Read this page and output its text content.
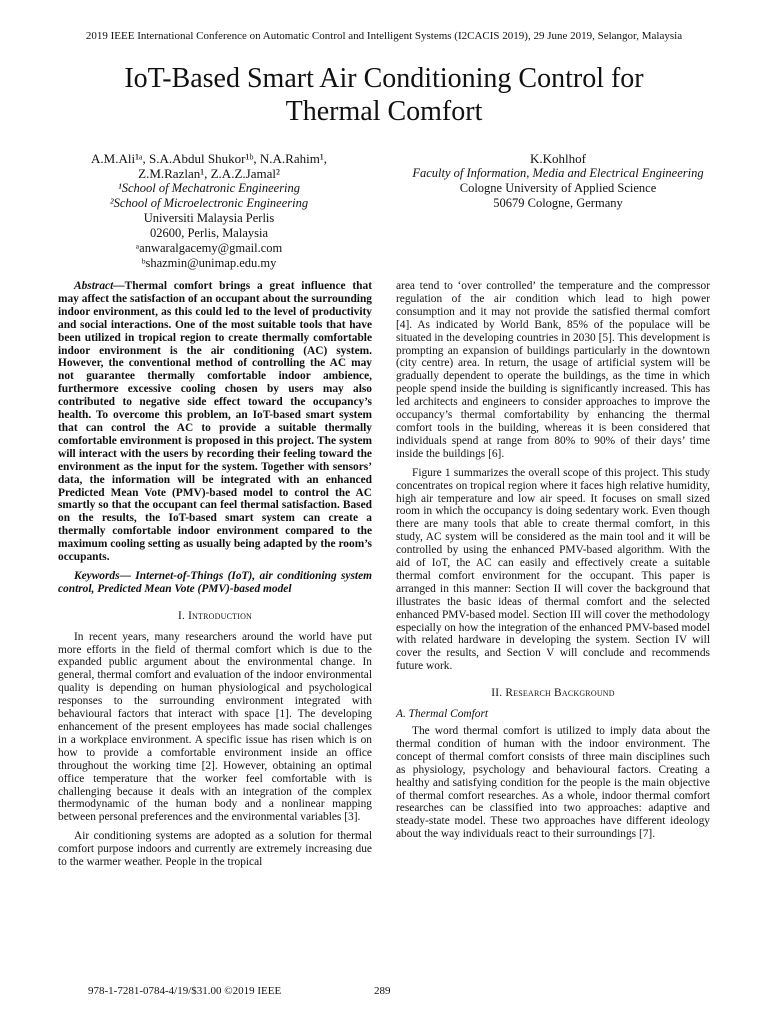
2019 IEEE International Conference on Automatic Control and Intelligent Systems (I2CACIS 2019), 29 June 2019, Selangor, Malaysia
IoT-Based Smart Air Conditioning Control for
Thermal Comfort
A.M.Ali¹ᵃ, S.A.Abdul Shukor¹ᵇ, N.A.Rahim¹,
Z.M.Razlan¹, Z.A.Z.Jamal²
¹School of Mechatronic Engineering
²School of Microelectronic Engineering
Universiti Malaysia Perlis
02600, Perlis, Malaysia
ᵃanwaralgacemy@gmail.com
ᵇshazmin@unimap.edu.my
K.Kohlhof
Faculty of Information, Media and Electrical Engineering
Cologne University of Applied Science
50679 Cologne, Germany

Abstract—Thermal comfort brings a great influence that may affect the satisfaction of an occupant about the surrounding indoor environment, as this could led to the level of productivity and social interactions. One of the most suitable tools that have been utilized in tropical region to create thermally comfortable indoor environment is the air conditioning (AC) system. However, the conventional method of controlling the AC may not guarantee thermally comfortable indoor ambience, furthermore excessive cooling chosen by users may also contributed to negative side effect toward the occupancy’s health. To overcome this problem, an IoT-based smart system that can control the AC to provide a suitable thermally comfortable environment is proposed in this project. The system will interact with the users by recording their feeling toward the environment as the input for the system. Together with sensors’ data, the information will be integrated with an enhanced Predicted Mean Vote (PMV)-based model to control the AC smartly so that the occupant can feel thermal satisfaction. Based on the results, the IoT-based smart system can create a thermally comfortable indoor environment compared to the maximum cooling setting as usually being adapted by the room’s occupants.

Keywords— Internet-of-Things (IoT), air conditioning system control, Predicted Mean Vote (PMV)-based model

I. Introduction

In recent years, many researchers around the world have put more efforts in the field of thermal comfort which is due to the expanded public argument about the environmental change. In general, thermal comfort and evaluation of the indoor environmental quality is depending on human physiological and psychological responses to the surrounding environment integrated with behavioural factors that interact with space [1]. The developing enhancement of the present employees has made social challenges in a workplace environment. A specific issue has risen which is on how to provide a comfortable environment inside an office throughout the working time [2]. However, obtaining an optimal office temperature that the worker feel comfortable with is challenging because it deals with an integration of the complex thermodynamic of the human body and a nonlinear mapping between personal preferences and the environmental variables [3].

Air conditioning systems are adopted as a solution for thermal comfort purpose indoors and currently are extremely increasing due to the warmer weather. People in the tropical

area tend to ‘over controlled’ the temperature and the compressor regulation of the air condition which lead to high power consumption and it may not provide the satisfied thermal comfort [4]. As indicated by World Bank, 85% of the populace will be situated in the developing countries in 2030 [5]. This development is prompting an expansion of buildings particularly in the downtown (city centre) area. In return, the usage of artificial system will be gradually dependent to operate the buildings, as the time in which people spend inside the building is significantly increased. This has led architects and engineers to consider approaches to improve the occupancy’s thermal comfortability by enhancing the thermal comfort tools in the building, whereas it is been considered that individuals spend at range from 80% to 90% of their days’ time inside the buildings [6].

Figure 1 summarizes the overall scope of this project. This study concentrates on tropical region where it faces high relative humidity, high air temperature and low air speed. It focuses on small sized room in which the occupancy is doing sedentary work. Even though there are many tools that able to create thermal comfort, in this study, AC system will be considered as the main tool and it will be controlled by using the enhanced PMV-based algorithm. With the aid of IoT, the AC can easily and effectively create a suitable thermal comfort environment for the occupant. This paper is arranged in this manner: Section II will cover the background that illustrates the basic ideas of thermal comfort and the selected enhanced PMV-based model. Section III will cover the methodology especially on how the integration of the enhanced PMV-based model with related hardware in developing the system. Section IV will cover the results, and Section V will conclude and recommends future work.

II. Research Background
A. Thermal Comfort

The word thermal comfort is utilized to imply data about the thermal condition of human with the indoor environment. The concept of thermal comfort consists of three main disciplines such as physiology, psychology and behavioural factors. Creating a healthy and satisfying condition for the people is the main objective of thermal comfort researches. As a whole, indoor thermal comfort researches can be classified into two approaches: adaptive and steady-state model. These two approaches have different ideology about the way individuals react to their surroundings [7].

978-1-7281-0784-4/19/$31.00 ©2019 IEEE	289
